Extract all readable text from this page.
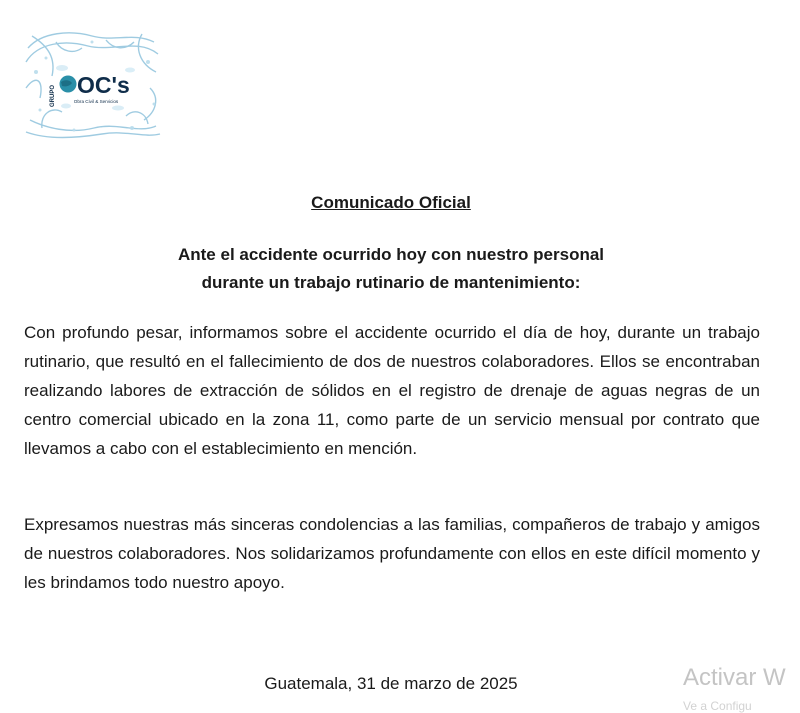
GRUPO OC's
Obra Civil & Servicios
Comunicado Oficial
Ante el accidente ocurrido hoy con nuestro personal
durante un trabajo rutinario de mantenimiento:

Con profundo pesar, informamos sobre el accidente ocurrido el día de hoy, durante un trabajo rutinario, que resultó en el fallecimiento de dos de nuestros colaboradores. Ellos se encontraban realizando labores de extracción de sólidos en el registro de drenaje de aguas negras de un centro comercial ubicado en la zona 11, como parte de un servicio mensual por contrato que llevamos a cabo con el establecimiento en mención.

Expresamos nuestras más sinceras condolencias a las familias, compañeros de trabajo y amigos de nuestros colaboradores. Nos solidarizamos profundamente con ellos en este difícil momento y les brindamos todo nuestro apoyo.

Guatemala, 31 de marzo de 2025	Activar W
Ve a Configu
